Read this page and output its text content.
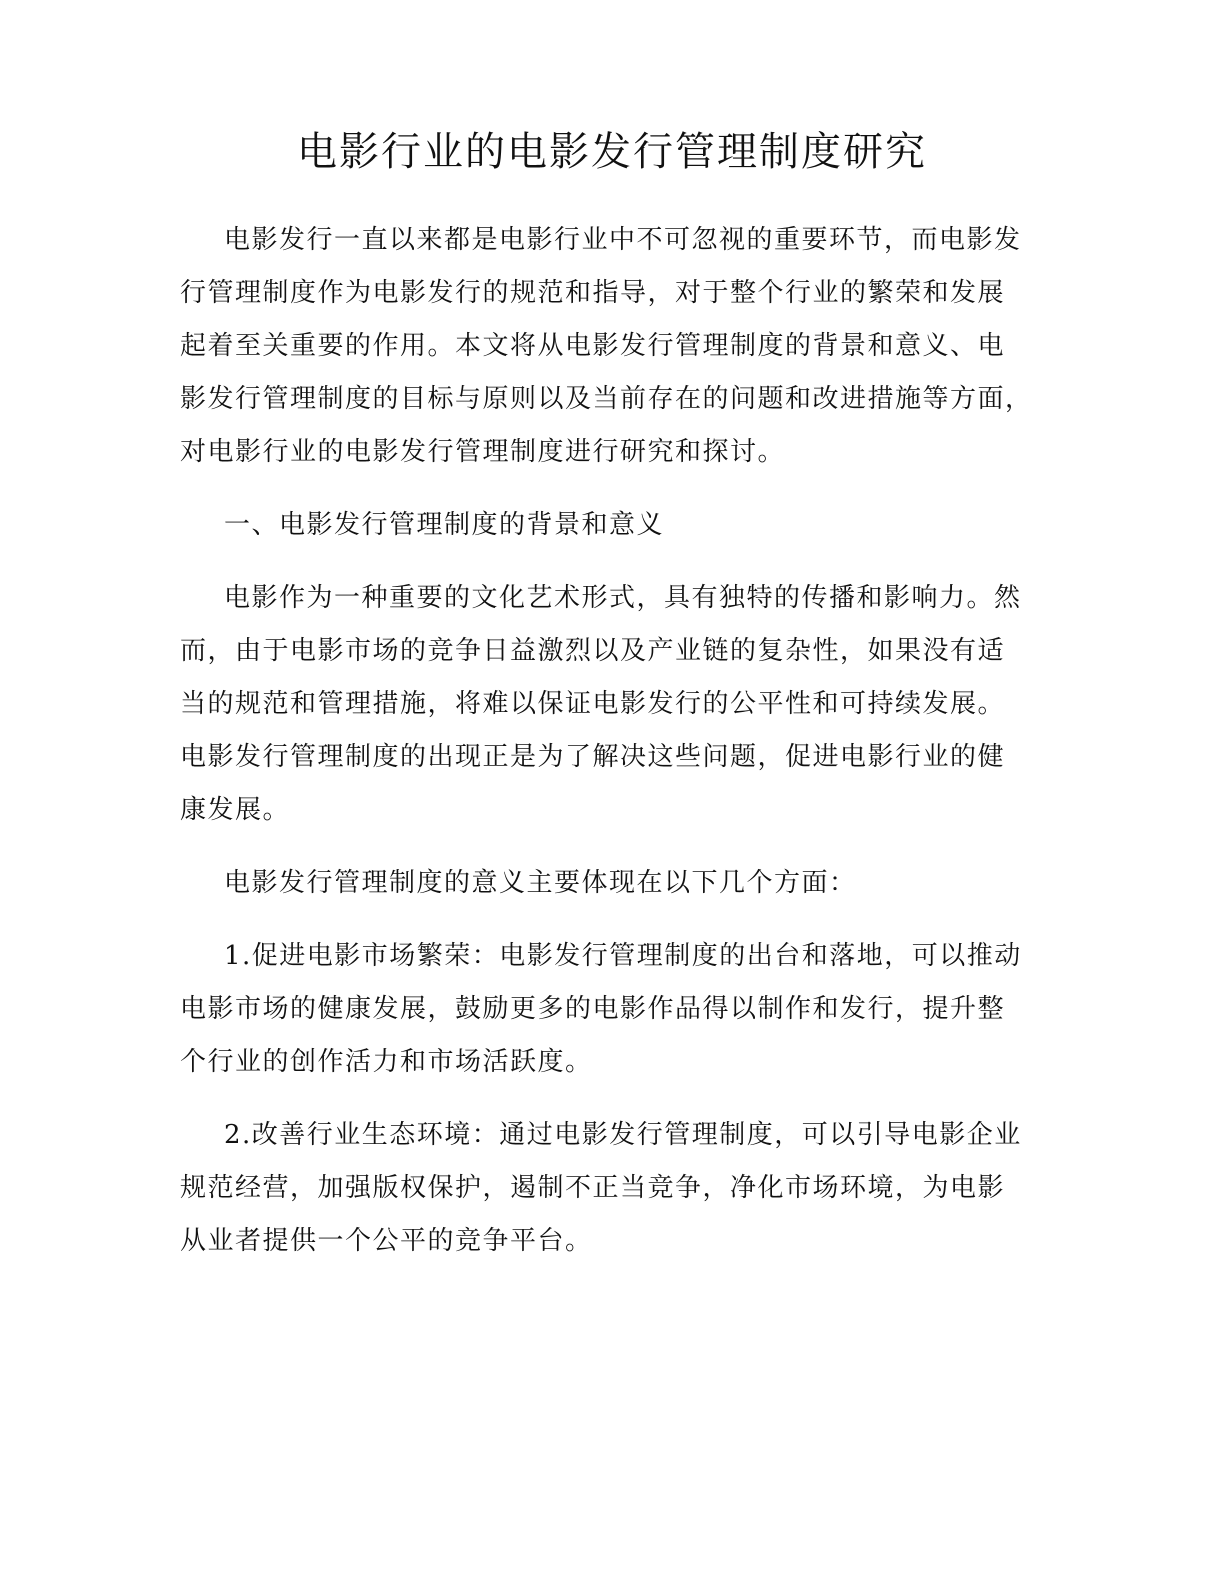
电影行业的电影发行管理制度研究

电影发行一直以来都是电影行业中不可忽视的重要环节，而电影发
行管理制度作为电影发行的规范和指导，对于整个行业的繁荣和发展
起着至关重要的作用。本文将从电影发行管理制度的背景和意义、电
影发行管理制度的目标与原则以及当前存在的问题和改进措施等方面，
对电影行业的电影发行管理制度进行研究和探讨。

一、电影发行管理制度的背景和意义

电影作为一种重要的文化艺术形式，具有独特的传播和影响力。然
而，由于电影市场的竞争日益激烈以及产业链的复杂性，如果没有适
当的规范和管理措施，将难以保证电影发行的公平性和可持续发展。
电影发行管理制度的出现正是为了解决这些问题，促进电影行业的健
康发展。

电影发行管理制度的意义主要体现在以下几个方面：

1.促进电影市场繁荣：电影发行管理制度的出台和落地，可以推动
电影市场的健康发展，鼓励更多的电影作品得以制作和发行，提升整
个行业的创作活力和市场活跃度。

2.改善行业生态环境：通过电影发行管理制度，可以引导电影企业
规范经营，加强版权保护，遏制不正当竞争，净化市场环境，为电影
从业者提供一个公平的竞争平台。
